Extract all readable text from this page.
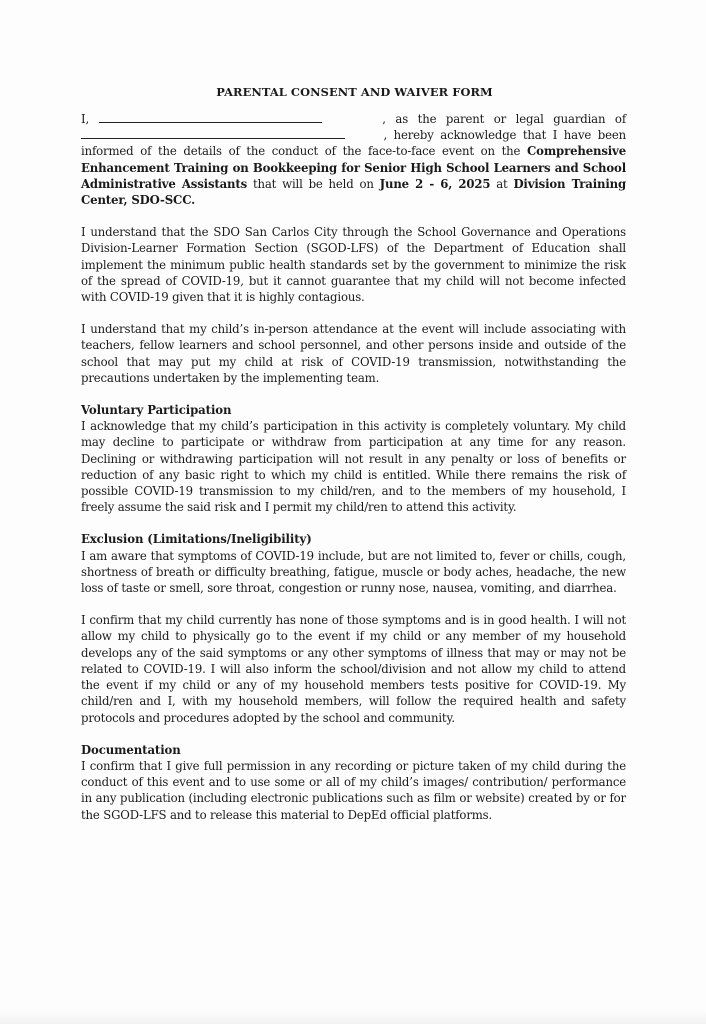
PARENTAL CONSENT AND WAIVER FORM

I,	, as the parent or legal guardian of

, hereby acknowledge that I have been

informed of the details of the conduct of the face-to-face event on the Comprehensive Enhancement Training on Bookkeeping for Senior High School Learners and School Administrative Assistants that will be held on June 2 - 6, 2025 at Division Training Center, SDO-SCC.

I understand that the SDO San Carlos City through the School Governance and Operations Division-Learner Formation Section (SGOD-LFS) of the Department of Education shall implement the minimum public health standards set by the government to minimize the risk of the spread of COVID-19, but it cannot guarantee that my child will not become infected with COVID-19 given that it is highly contagious.

I understand that my child’s in-person attendance at the event will include associating with teachers, fellow learners and school personnel, and other persons inside and outside of the school that may put my child at risk of COVID-19 transmission, notwithstanding the precautions undertaken by the implementing team.

Voluntary Participation

I acknowledge that my child’s participation in this activity is completely voluntary. My child may decline to participate or withdraw from participation at any time for any reason. Declining or withdrawing participation will not result in any penalty or loss of benefits or reduction of any basic right to which my child is entitled. While there remains the risk of possible COVID-19 transmission to my child/ren, and to the members of my household, I freely assume the said risk and I permit my child/ren to attend this activity.

Exclusion (Limitations/Ineligibility)

I am aware that symptoms of COVID-19 include, but are not limited to, fever or chills, cough, shortness of breath or difficulty breathing, fatigue, muscle or body aches, headache, the new loss of taste or smell, sore throat, congestion or runny nose, nausea, vomiting, and diarrhea.

I confirm that my child currently has none of those symptoms and is in good health. I will not allow my child to physically go to the event if my child or any member of my household develops any of the said symptoms or any other symptoms of illness that may or may not be related to COVID-19. I will also inform the school/division and not allow my child to attend the event if my child or any of my household members tests positive for COVID-19. My child/ren and I, with my household members, will follow the required health and safety protocols and procedures adopted by the school and community.

Documentation

I confirm that I give full permission in any recording or picture taken of my child during the conduct of this event and to use some or all of my child’s images/ contribution/ performance in any publication (including electronic publications such as film or website) created by or for the SGOD-LFS and to release this material to DepEd official platforms.
